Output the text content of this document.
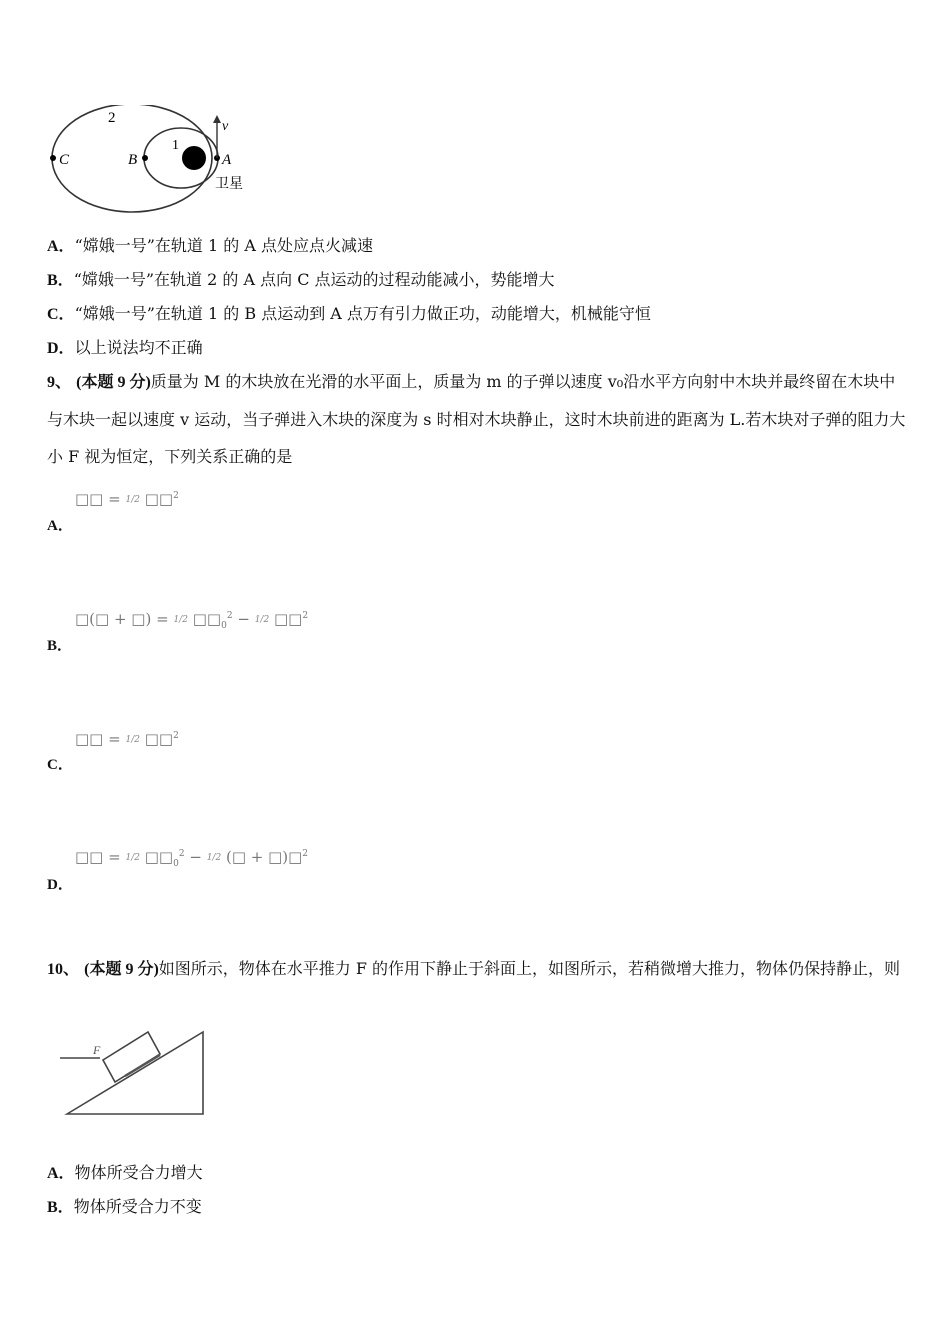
2
1
C	B	A
v
卫星
A．“嫦娥一号”在轨道 1 的 A 点处应点火减速
B．“嫦娥一号”在轨道 2 的 A 点向 C 点运动的过程动能减小，势能增大
C．“嫦娥一号”在轨道 1 的 B 点运动到 A 点万有引力做正功，动能增大，机械能守恒
D．以上说法均不正确
9、 (本题 9 分)质量为 M 的木块放在光滑的水平面上，质量为 m 的子弹以速度 v₀沿水平方向射中木块并最终留在木块中与木块一起以速度 v 运动，当子弹进入木块的深度为 s 时相对木块静止，这时木块前进的距离为 L.若木块对子弹的阻力大小 F 视为恒定，下列关系正确的是
□□ = 1/2 □□$^2$
A．
□(□ + □) = 1/2 $□□_0^2 - 1/2$ □□$^2$
B．
□□ = 1/2 □□$^2$
C．
□□ = 1/2 $□□_0^2 - 1/2$ (□ + □)□$^2$
D．
10、 (本题 9 分)如图所示，物体在水平推力 F 的作用下静止于斜面上，如图所示，若稍微增大推力，物体仍保持静止，则
F
A．物体所受合力增大
B．物体所受合力不变
